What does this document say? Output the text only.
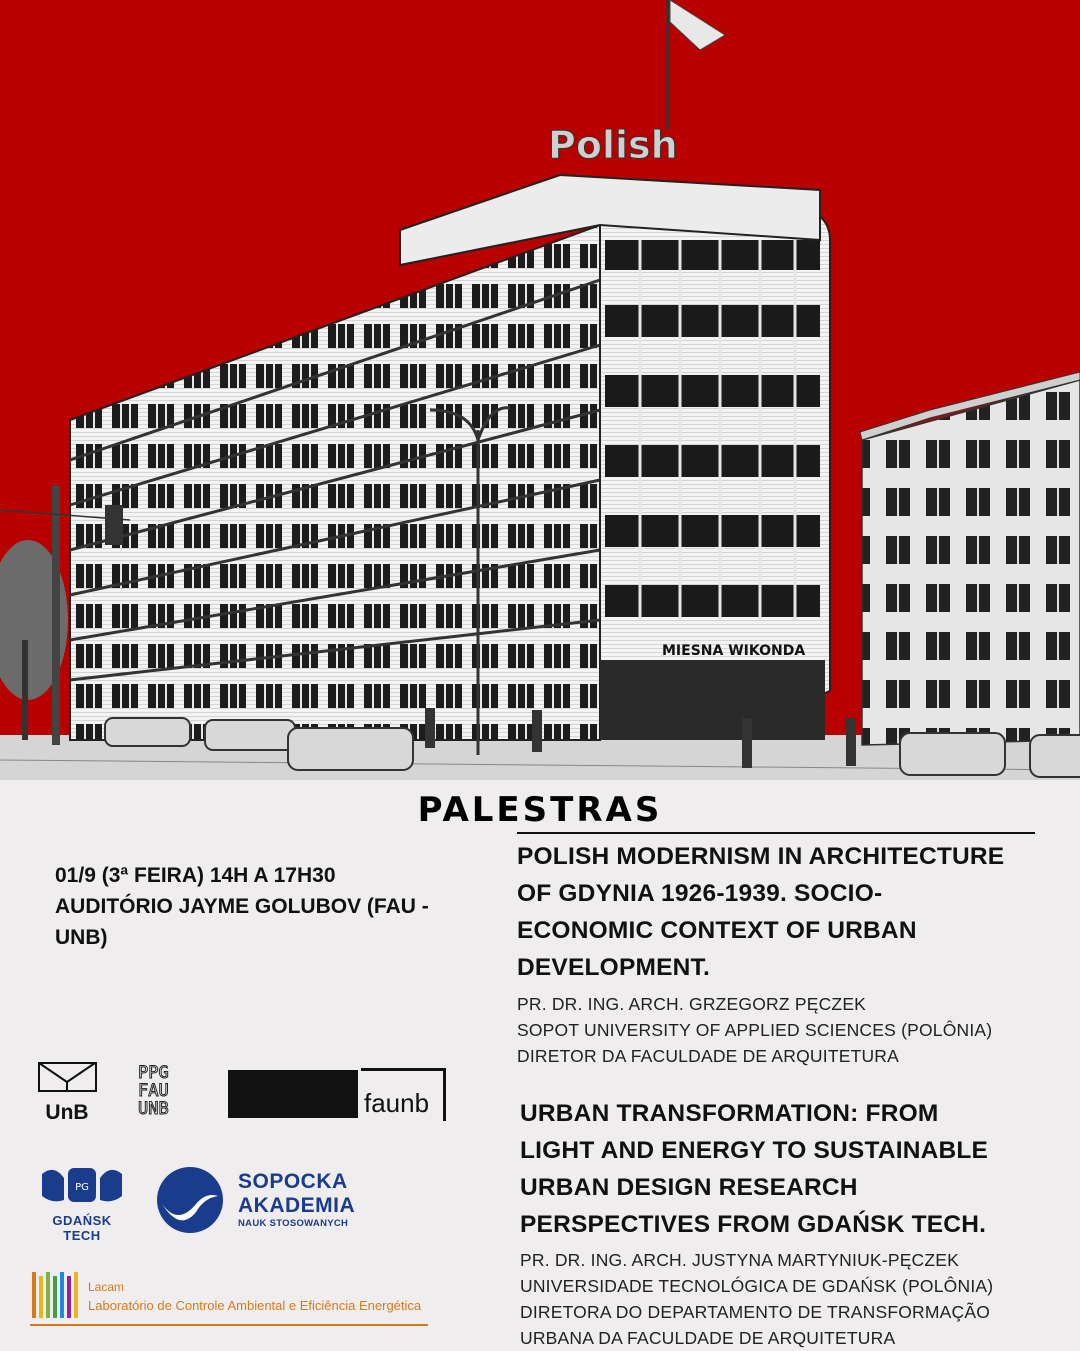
MIESNA WIKONDA
Polish
PALESTRAS
01/9 (3ª FEIRA) 14H A 17H30
AUDITÓRIO JAYME GOLUBOV (FAU -
UNB)
POLISH MODERNISM IN ARCHITECTURE
OF GDYNIA 1926-1939. SOCIO-
ECONOMIC CONTEXT OF URBAN
DEVELOPMENT.
PR. DR. ING. ARCH. GRZEGORZ PĘCZEK
SOPOT UNIVERSITY OF APPLIED SCIENCES (POLÔNIA)
DIRETOR DA FACULDADE DE ARQUITETURA
URBAN TRANSFORMATION: FROM
LIGHT AND ENERGY TO SUSTAINABLE
URBAN DESIGN RESEARCH
PERSPECTIVES FROM GDAŃSK TECH.
PR. DR. ING. ARCH. JUSTYNA MARTYNIUK-PĘCZEK
UNIVERSIDADE TECNOLÓGICA DE GDAŃSK (POLÔNIA)
DIRETORA DO DEPARTAMENTO DE TRANSFORMAÇÃO
URBANA DA FACULDADE DE ARQUITETURA
UnB
PPG
FAU
UNB	faunb
PG
GDAŃSK TECH
SOPOCKA
AKADEMIA
NAUK STOSOWANYCH
Lacam
Laboratório de Controle Ambiental e Eficiência Energética
